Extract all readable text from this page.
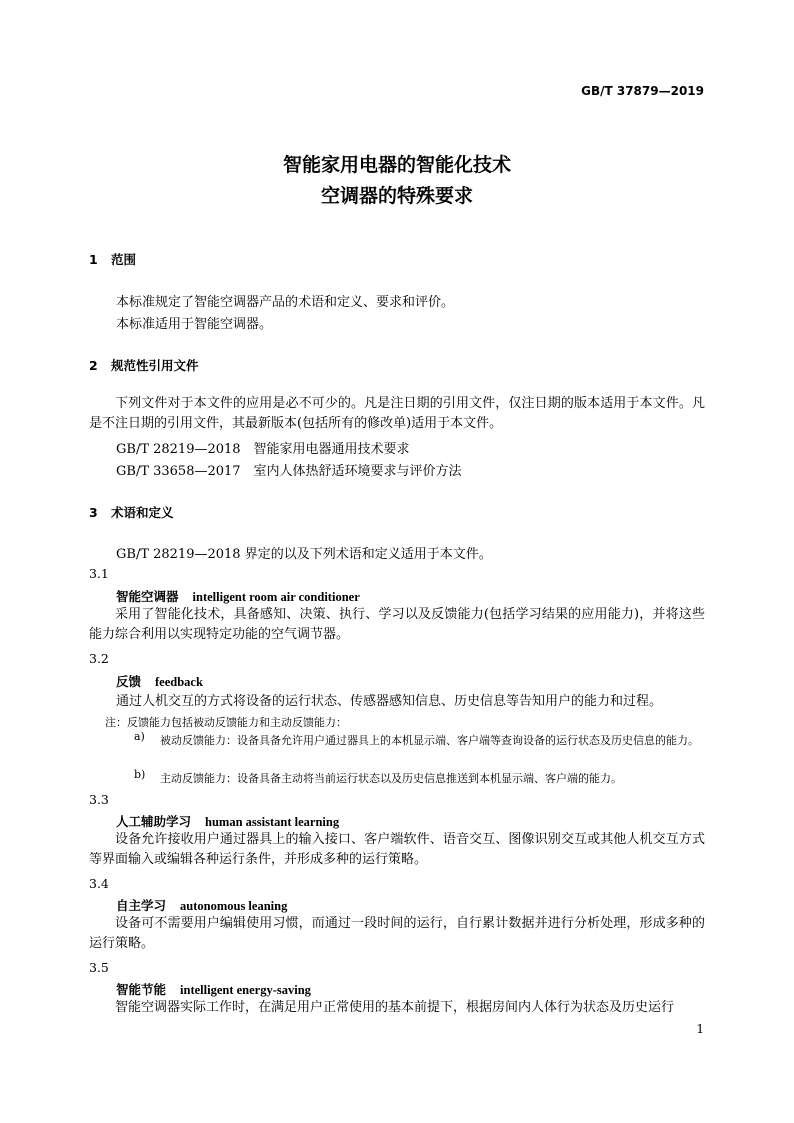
GB/T 37879—2019
智能家用电器的智能化技术
空调器的特殊要求
1 范围
本标准规定了智能空调器产品的术语和定义、要求和评价。
本标准适用于智能空调器。
2 规范性引用文件
下列文件对于本文件的应用是必不可少的。凡是注日期的引用文件，仅注日期的版本适用于本文件。凡是不注日期的引用文件，其最新版本(包括所有的修改单)适用于本文件。
GB/T 28219—2018　智能家用电器通用技术要求
GB/T 33658—2017　室内人体热舒适环境要求与评价方法
3 术语和定义
GB/T 28219—2018 界定的以及下列术语和定义适用于本文件。
3.1
智能空调器 intelligent room air conditioner
采用了智能化技术，具备感知、决策、执行、学习以及反馈能力(包括学习结果的应用能力)，并将这些能力综合利用以实现特定功能的空气调节器。
3.2
反馈 feedback
通过人机交互的方式将设备的运行状态、传感器感知信息、历史信息等告知用户的能力和过程。
注：反馈能力包括被动反馈能力和主动反馈能力：
a) 被动反馈能力：设备具备允许用户通过器具上的本机显示端、客户端等查询设备的运行状态及历史信息的能力。
b) 主动反馈能力：设备具备主动将当前运行状态以及历史信息推送到本机显示端、客户端的能力。
3.3
人工辅助学习 human assistant learning
设备允许接收用户通过器具上的输入接口、客户端软件、语音交互、图像识别交互或其他人机交互方式等界面输入或编辑各种运行条件，并形成多种的运行策略。
3.4
自主学习 autonomous leaning
设备可不需要用户编辑使用习惯，而通过一段时间的运行，自行累计数据并进行分析处理，形成多种的运行策略。
3.5
智能节能 intelligent energy-saving
智能空调器实际工作时，在满足用户正常使用的基本前提下，根据房间内人体行为状态及历史运行
1
